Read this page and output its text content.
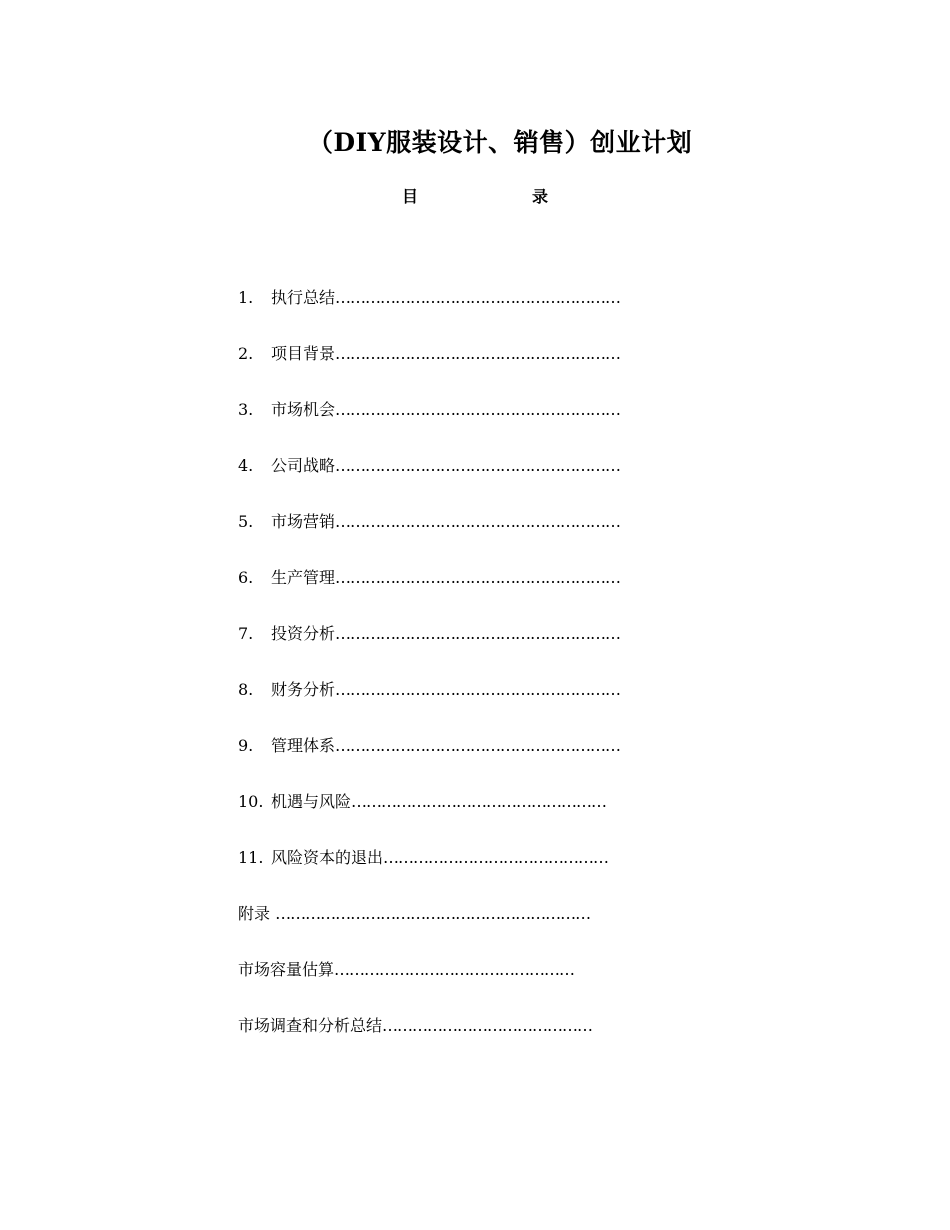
（DIY服装设计、销售）创业计划
目	录
1. 执行总结…………………………………………………
2. 项目背景…………………………………………………
3. 市场机会…………………………………………………
4. 公司战略…………………………………………………
5. 市场营销…………………………………………………
6. 生产管理…………………………………………………
7. 投资分析…………………………………………………
8. 财务分析…………………………………………………
9. 管理体系…………………………………………………
10. 机遇与风险……………………………………………
11. 风险资本的退出………………………………………
附录 ………………………………………………………
市场容量估算…………………………………………
市场调查和分析总结……………………………………
